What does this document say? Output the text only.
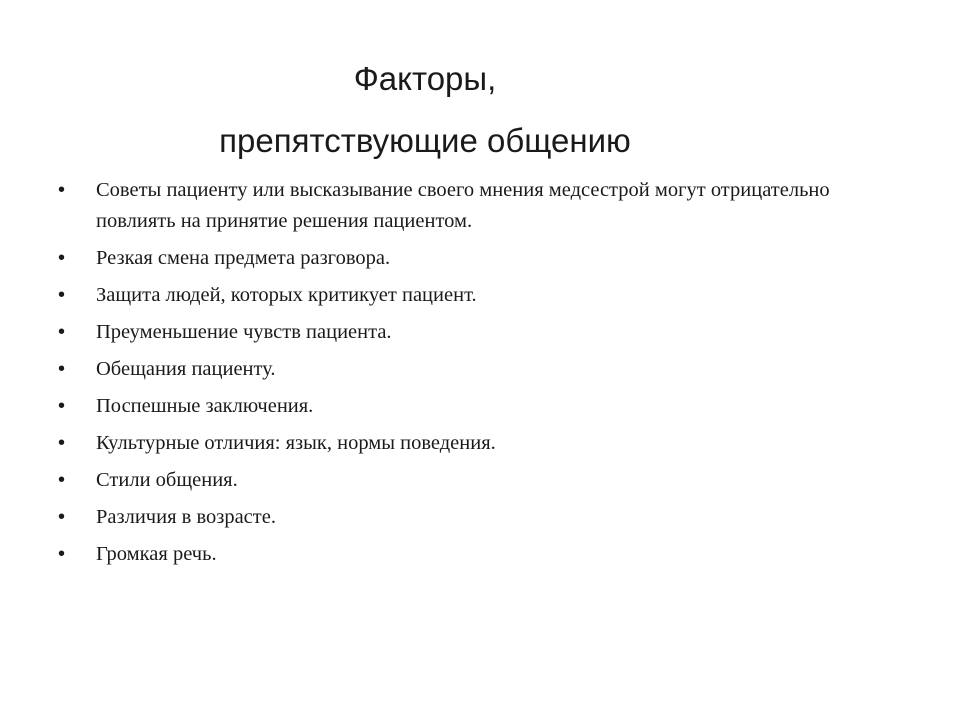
Факторы,
препятствующие общению
• Советы пациенту или высказывание своего мнения медсестрой могут отрицательно повлиять на принятие решения пациентом.
• Резкая смена предмета разговора.
• Защита людей, которых критикует пациент.
• Преуменьшение чувств пациента.
• Обещания пациенту.
• Поспешные заключения.
• Культурные отличия: язык, нормы поведения.
• Стили общения.
• Различия в возрасте.
• Громкая речь.
